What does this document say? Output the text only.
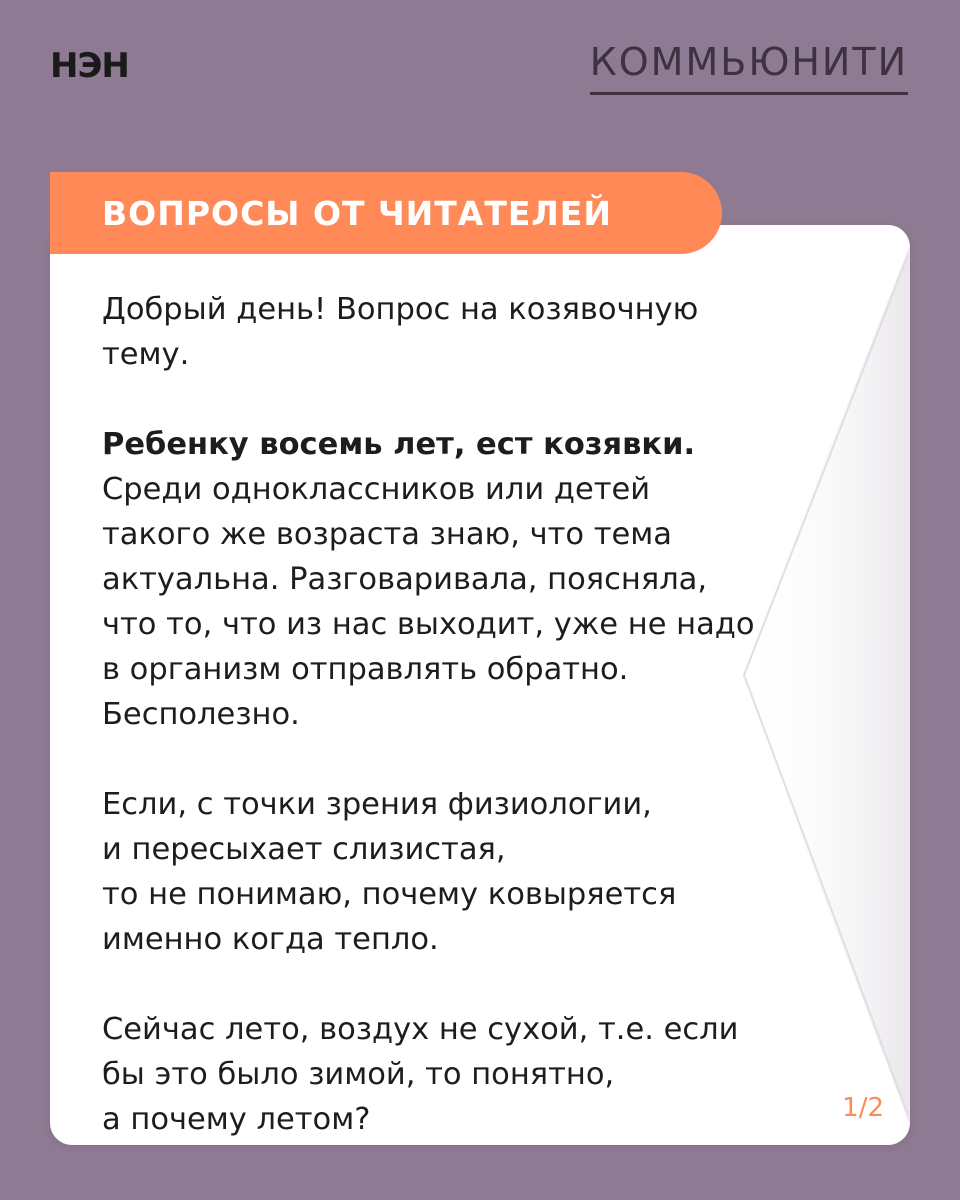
НЭН	КОММЬЮНИТИ

Добрый день! Вопрос на козявочную
тему.

Ребенку восемь лет, ест козявки.
Среди одноклассников или детей
такого же возраста знаю, что тема
актуальна. Разговаривала, поясняла,
что то, что из нас выходит, уже не надо
в организм отправлять обратно.
Бесполезно.

Если, с точки зрения физиологии,
и пересыхает слизистая,
то не понимаю, почему ковыряется
именно когда тепло.

Сейчас лето, воздух не сухой, т.е. если
бы это было зимой, то понятно,
а почему летом?	1/2
ВОПРОСЫ ОТ ЧИТАТЕЛЕЙ
